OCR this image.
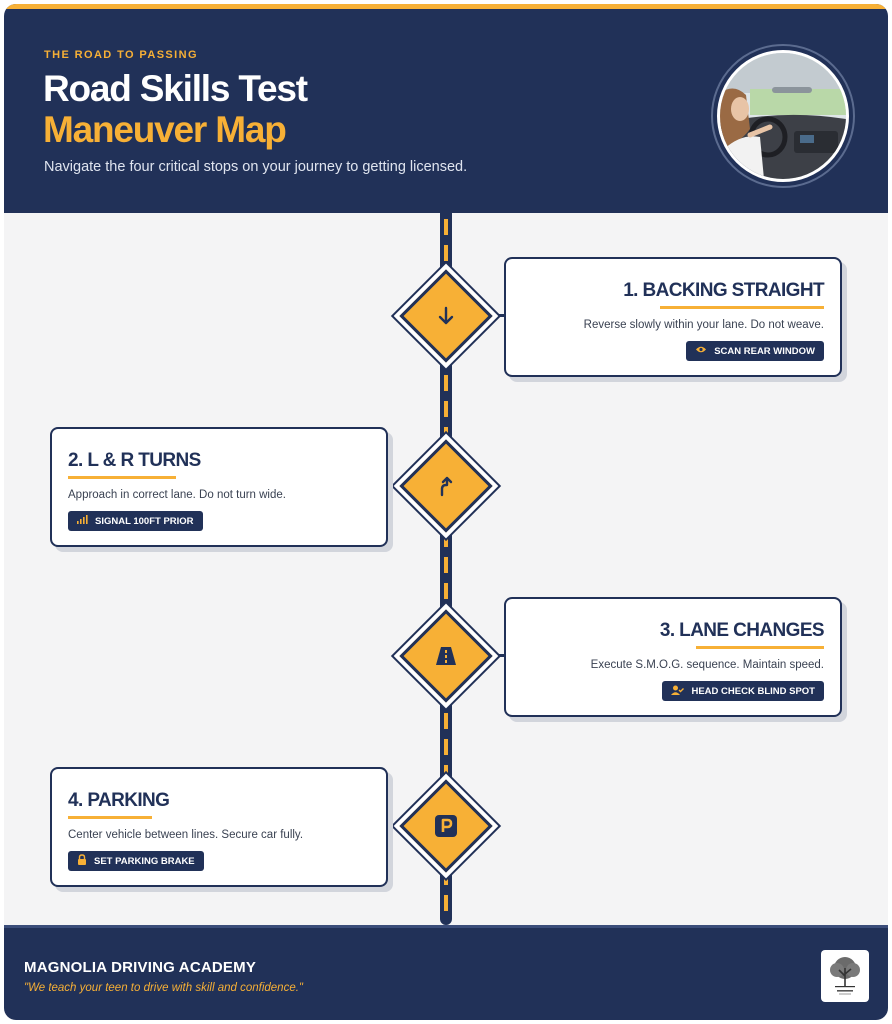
THE ROAD TO PASSING
Road Skills Test
Maneuver Map
Navigate the four critical stops on your journey to getting licensed.
1. BACKING STRAIGHT
Reverse slowly within your lane. Do not weave.
SCAN REAR WINDOW
2. L & R TURNS
Approach in correct lane. Do not turn wide.
SIGNAL 100FT PRIOR
3. LANE CHANGES
Execute S.M.O.G. sequence. Maintain speed.
HEAD CHECK BLIND SPOT
4. PARKING
Center vehicle between lines. Secure car fully.
SET PARKING BRAKE
MAGNOLIA DRIVING ACADEMY
"We teach your teen to drive with skill and confidence."
